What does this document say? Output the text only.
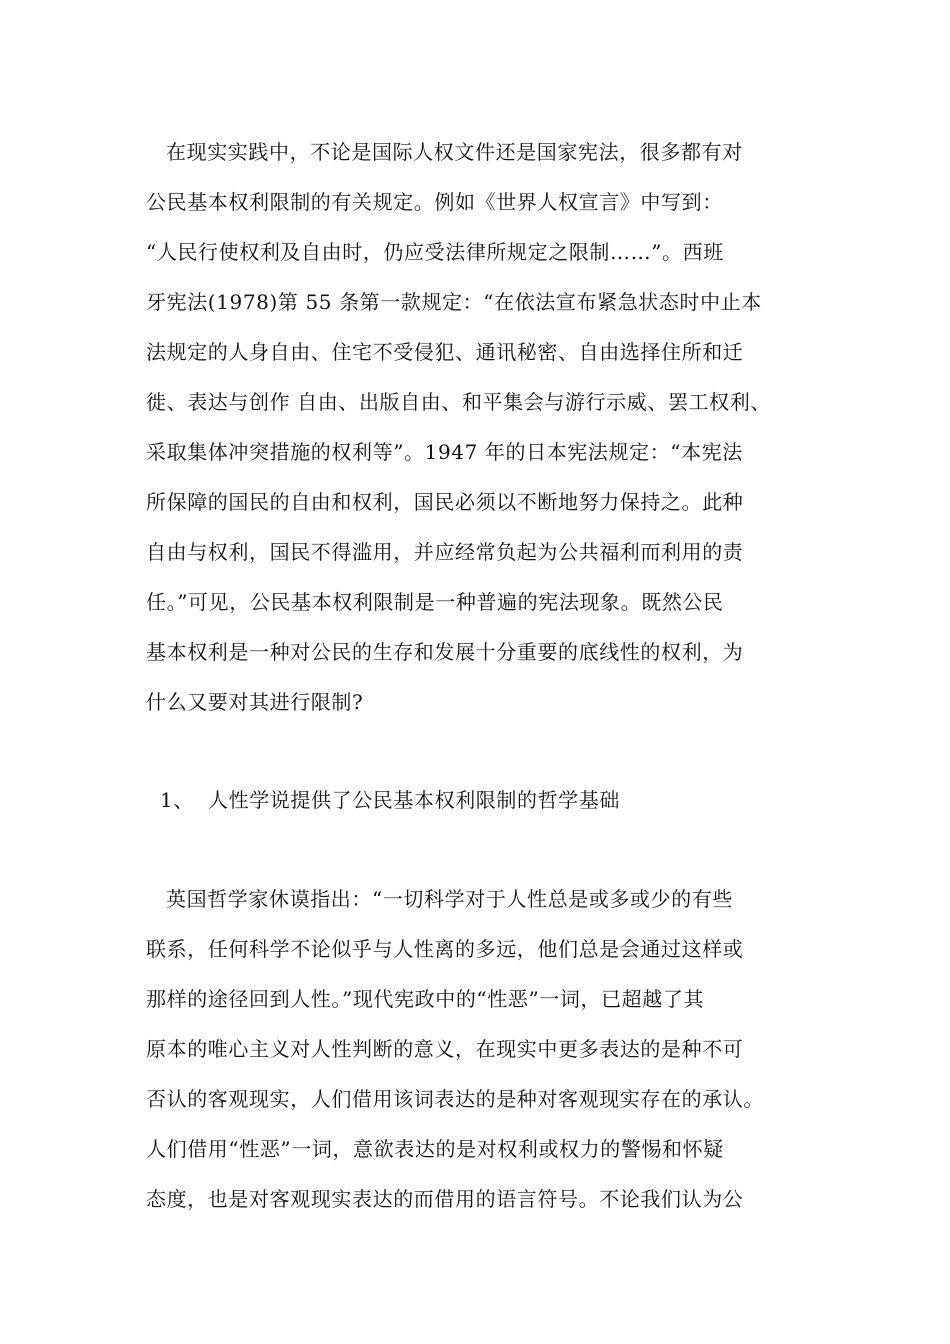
在现实实践中，不论是国际人权文件还是国家宪法，很多都有对
公民基本权利限制的有关规定。例如《世界人权宣言》中写到：
“人民行使权利及自由时，仍应受法律所规定之限制……”。西班
牙宪法(1978)第 55 条第一款规定：“在依法宣布紧急状态时中止本
法规定的人身自由、住宅不受侵犯、通讯秘密、自由选择住所和迁
徙、表达与创作 自由、出版自由、和平集会与游行示威、罢工权利、
采取集体冲突措施的权利等”。1947 年的日本宪法规定：“本宪法
所保障的国民的自由和权利，国民必须以不断地努力保持之。此种
自由与权利，国民不得滥用，并应经常负起为公共福利而利用的责
任。”可见，公民基本权利限制是一种普遍的宪法现象。既然公民
基本权利是一种对公民的生存和发展十分重要的底线性的权利，为
什么又要对其进行限制?
1、 人性学说提供了公民基本权利限制的哲学基础
英国哲学家休谟指出：“一切科学对于人性总是或多或少的有些
联系，任何科学不论似乎与人性离的多远，他们总是会通过这样或
那样的途径回到人性。”现代宪政中的“性恶”一词，已超越了其
原本的唯心主义对人性判断的意义，在现实中更多表达的是种不可
否认的客观现实，人们借用该词表达的是种对客观现实存在的承认。
人们借用“性恶”一词，意欲表达的是对权利或权力的警惕和怀疑
态度，也是对客观现实表达的而借用的语言符号。不论我们认为公
